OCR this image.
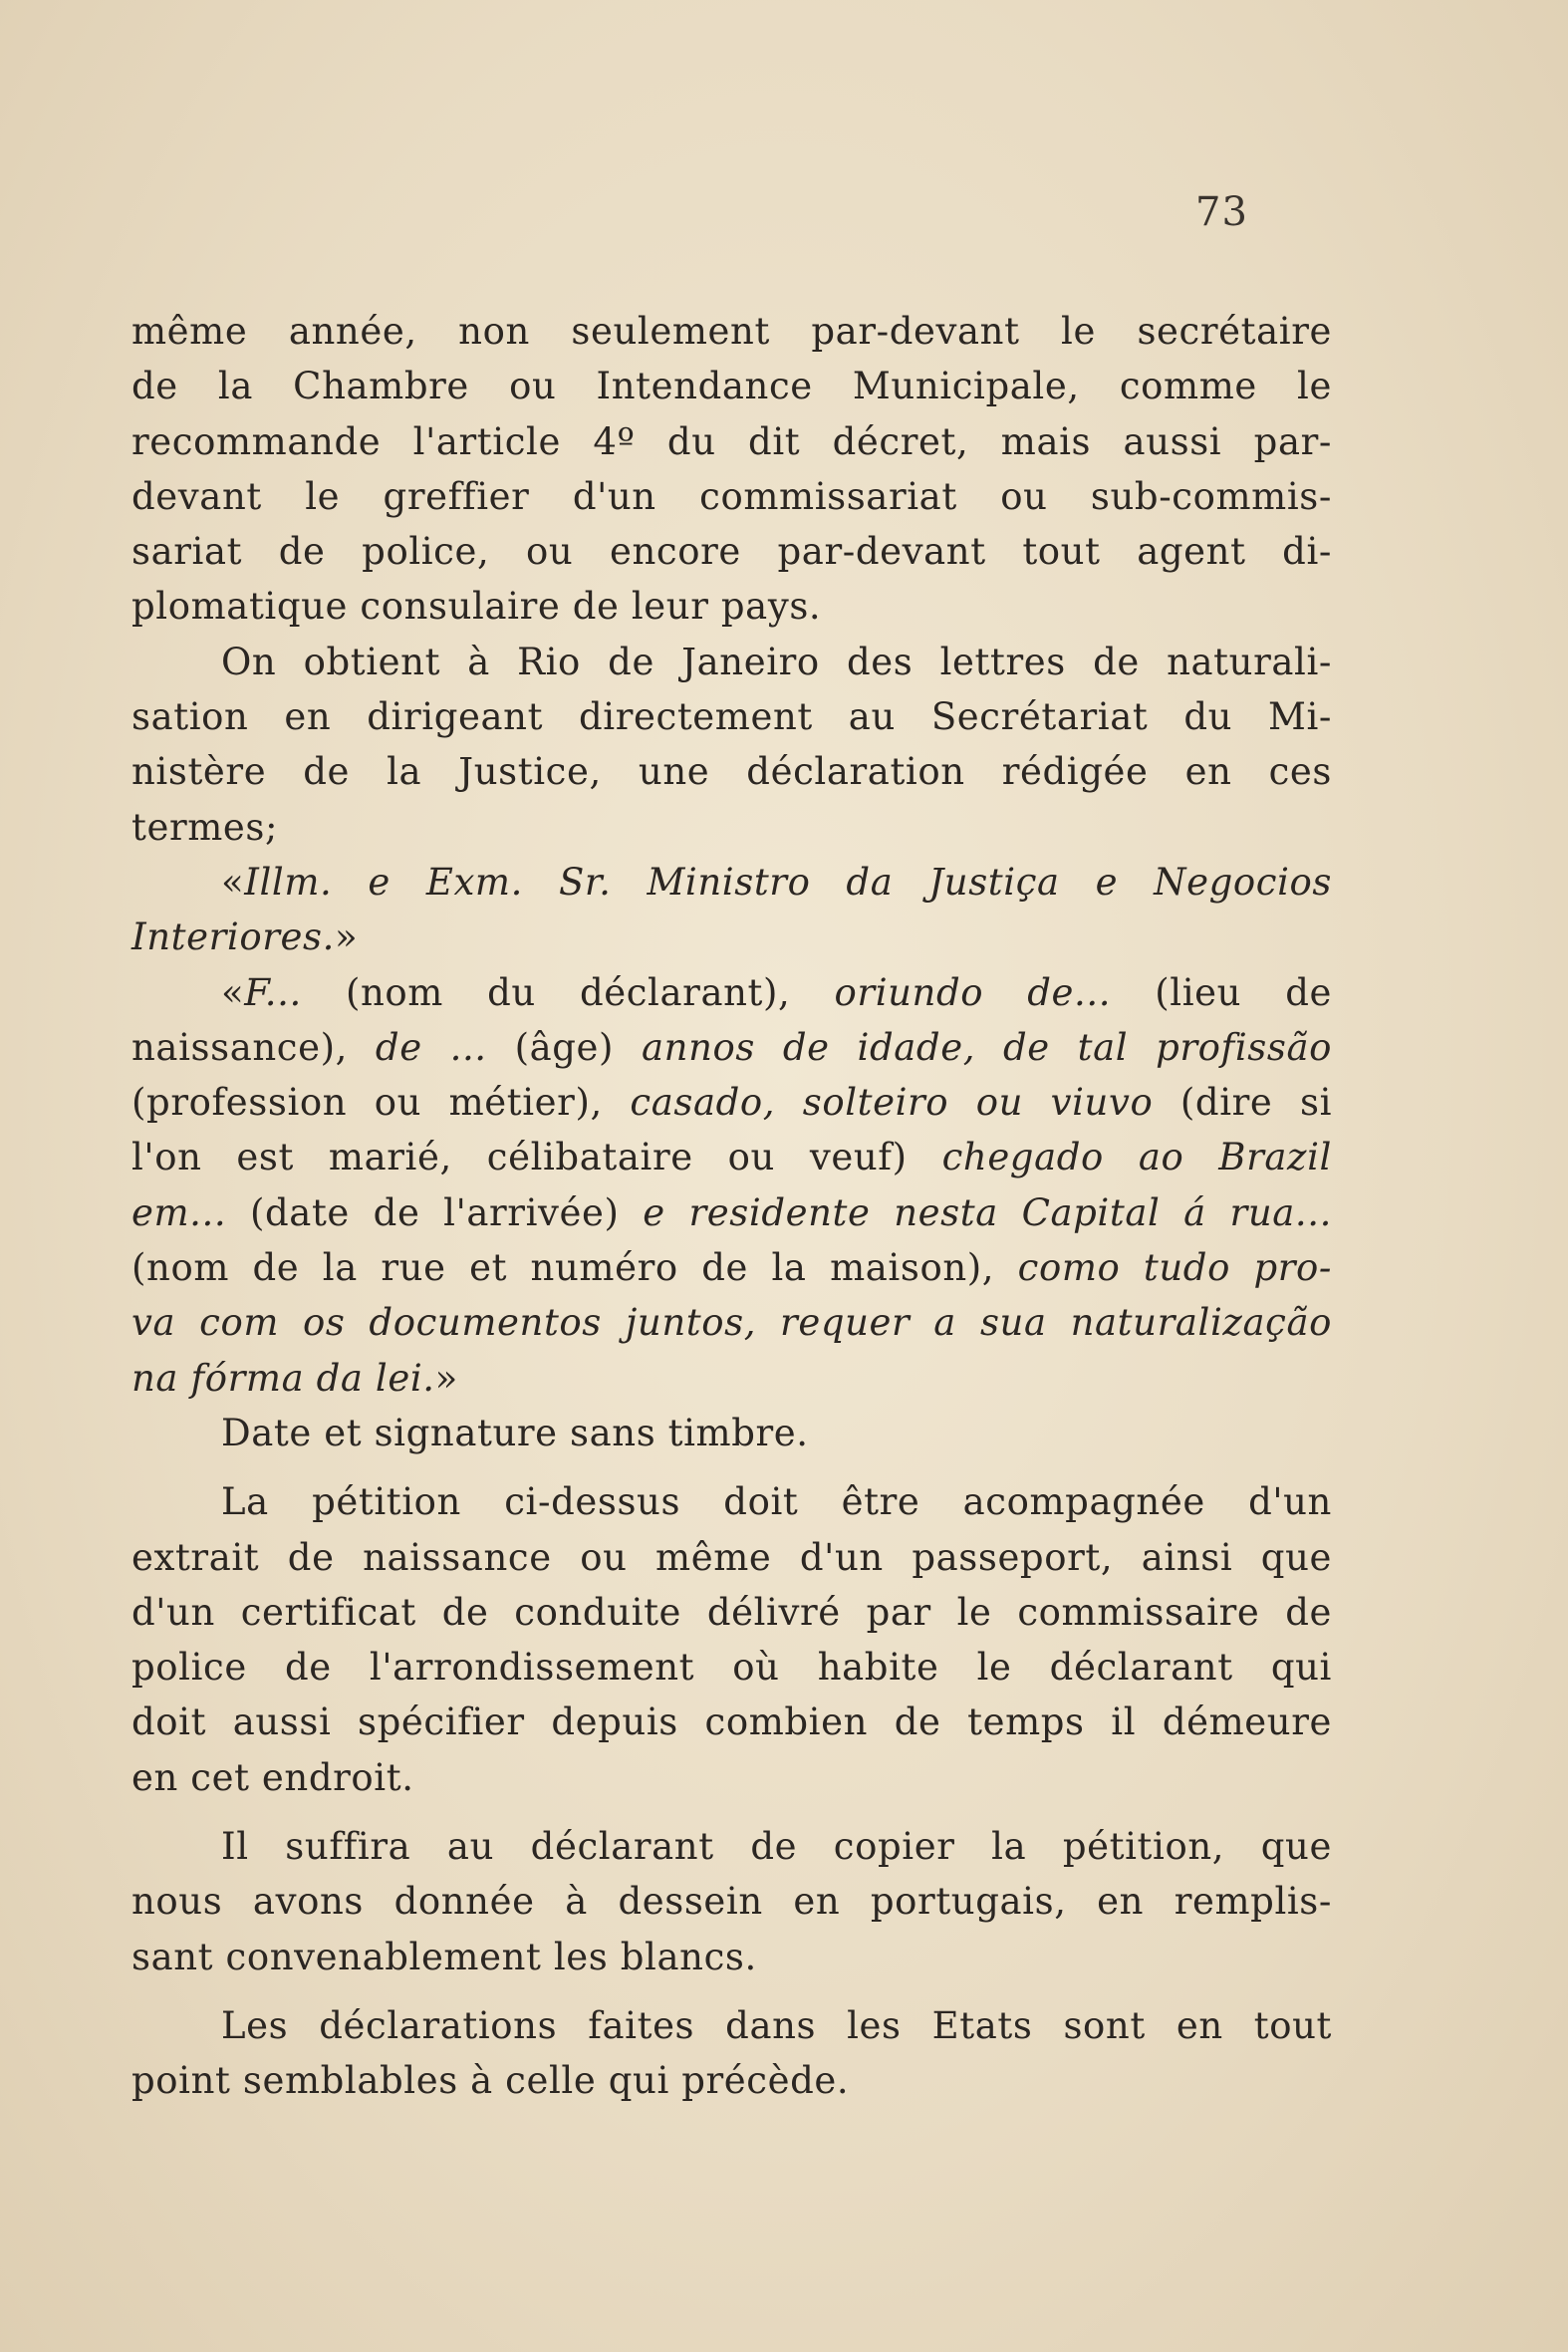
73
même année, non seulement par-devant le secrétaire
de la Chambre ou Intendance Municipale, comme le
recommande l'article 4º du dit décret, mais aussi par-
devant le greffier d'un commissariat ou sub-commis-
sariat de police, ou encore par-devant tout agent di-
plomatique consulaire de leur pays.
On obtient à Rio de Janeiro des lettres de naturali-
sation en dirigeant directement au Secrétariat du Mi-
nistère de la Justice, une déclaration rédigée en ces
termes;
«Illm. e Exm. Sr. Ministro da Justiça e Negocios
Interiores.»
«F... (nom du déclarant), oriundo de... (lieu de
naissance), de ... (âge) annos de idade, de tal profissão
(profession ou métier), casado, solteiro ou viuvo (dire si
l'on est marié, célibataire ou veuf) chegado ao Brazil
em... (date de l'arrivée) e residente nesta Capital á rua...
(nom de la rue et numéro de la maison), como tudo pro-
va com os documentos juntos, requer a sua naturalização
na fórma da lei.»
Date et signature sans timbre.
La pétition ci-dessus doit être acompagnée d'un
extrait de naissance ou même d'un passeport, ainsi que
d'un certificat de conduite délivré par le commissaire de
police de l'arrondissement où habite le déclarant qui
doit aussi spécifier depuis combien de temps il démeure
en cet endroit.
Il suffira au déclarant de copier la pétition, que
nous avons donnée à dessein en portugais, en remplis-
sant convenablement les blancs.
Les déclarations faites dans les Etats sont en tout
point semblables à celle qui précède.
